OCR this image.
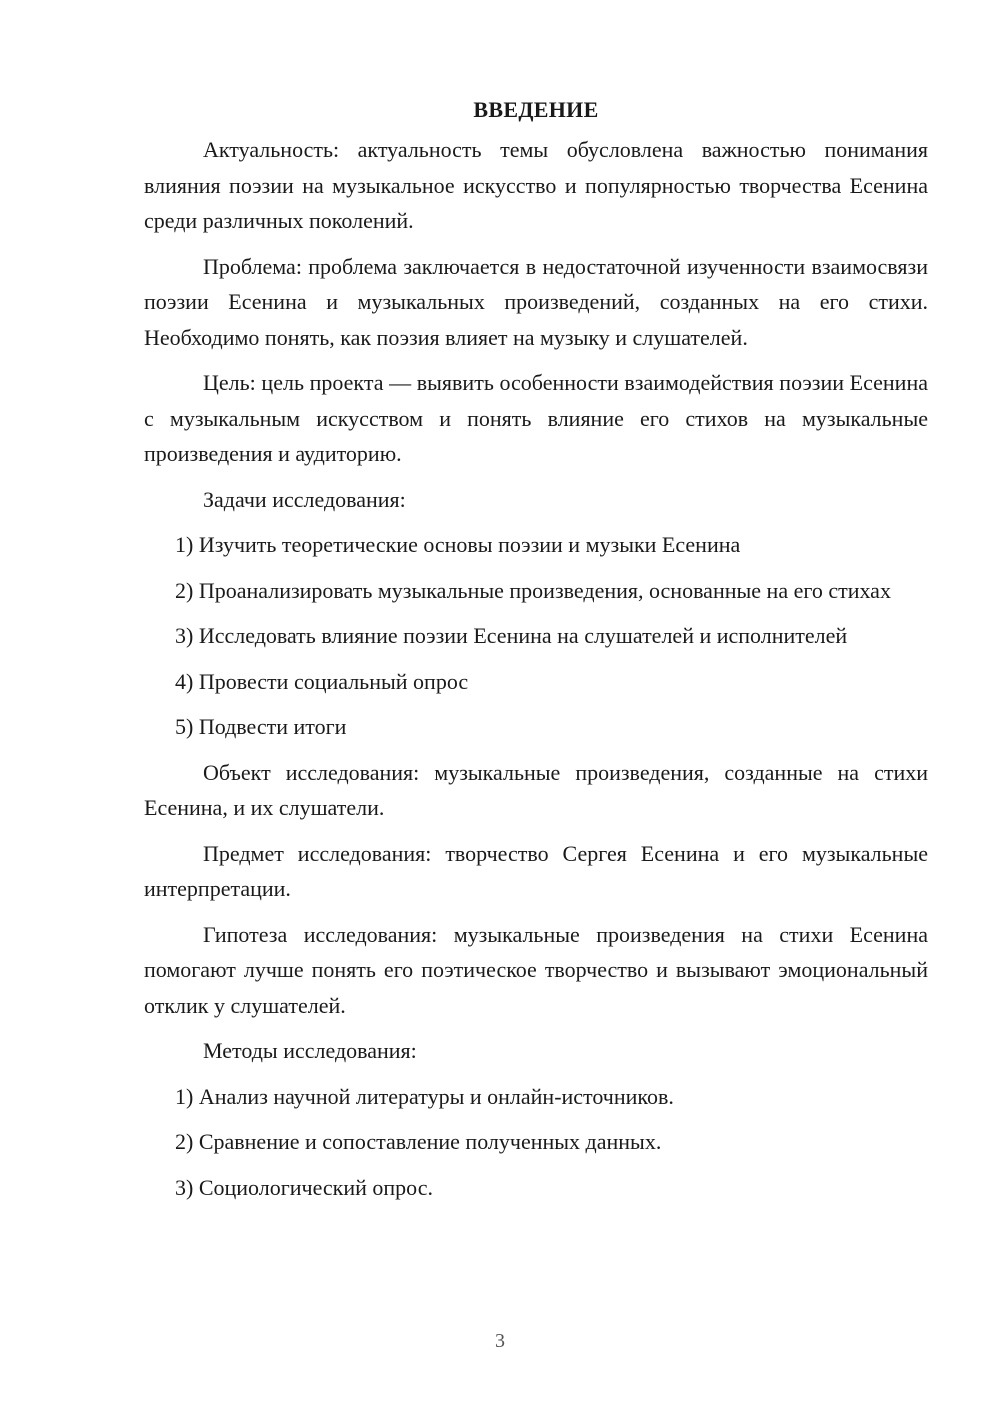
ВВЕДЕНИЕ

Актуальность: актуальность темы обусловлена важностью понимания влияния поэзии на музыкальное искусство и популярностью творчества Есенина среди различных поколений.

Проблема: проблема заключается в недостаточной изученности взаимосвязи поэзии Есенина и музыкальных произведений, созданных на его стихи. Необходимо понять, как поэзия влияет на музыку и слушателей.

Цель: цель проекта — выявить особенности взаимодействия поэзии Есенина с музыкальным искусством и понять влияние его стихов на музыкальные произведения и аудиторию.

Задачи исследования:

1) Изучить теоретические основы поэзии и музыки Есенина

2) Проанализировать музыкальные произведения, основанные на его стихах

3) Исследовать влияние поэзии Есенина на слушателей и исполнителей

4) Провести социальный опрос

5) Подвести итоги

Объект исследования: музыкальные произведения, созданные на стихи Есенина, и их слушатели.

Предмет исследования: творчество Сергея Есенина и его музыкальные интерпретации.

Гипотеза исследования: музыкальные произведения на стихи Есенина помогают лучше понять его поэтическое творчество и вызывают эмоциональный отклик у слушателей.

Методы исследования:

1) Анализ научной литературы и онлайн-источников.

2) Сравнение и сопоставление полученных данных.

3) Социологический опрос.

3
